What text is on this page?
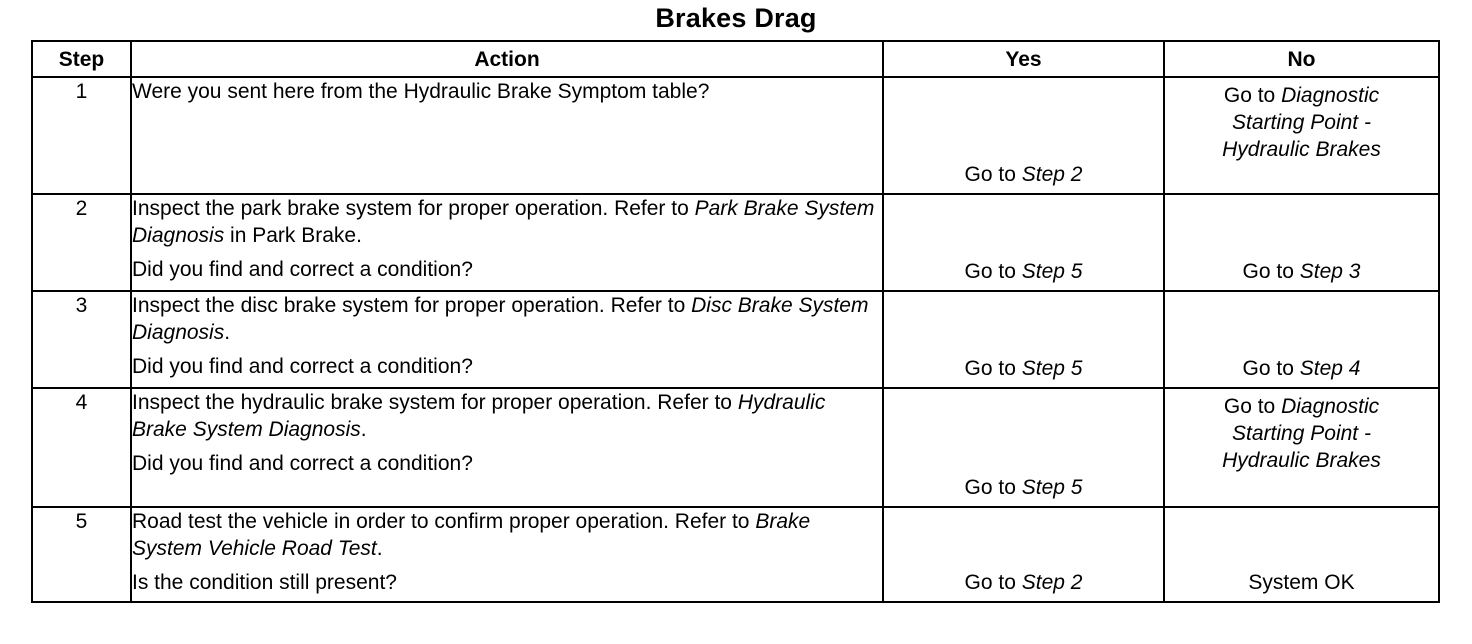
Brakes Drag
Step	Action	Yes	No
1	Were you sent here from the Hydraulic Brake Symptom table?	Go to Step 2	Go to Diagnostic
Starting Point -
Hydraulic Brakes

2	Inspect the park brake system for proper operation. Refer to Park Brake System Diagnosis in Park Brake.
Did you find and correct a condition?	Go to Step 5	Go to Step 3

3	Inspect the disc brake system for proper operation. Refer to Disc Brake System Diagnosis.
Did you find and correct a condition?	Go to Step 5	Go to Step 4

4	Inspect the hydraulic brake system for proper operation. Refer to Hydraulic Brake System Diagnosis.
Did you find and correct a condition?	Go to Step 5	Go to Diagnostic
Starting Point -
Hydraulic Brakes

5	Road test the vehicle in order to confirm proper operation. Refer to Brake System Vehicle Road Test.
Is the condition still present?	Go to Step 2	System OK
